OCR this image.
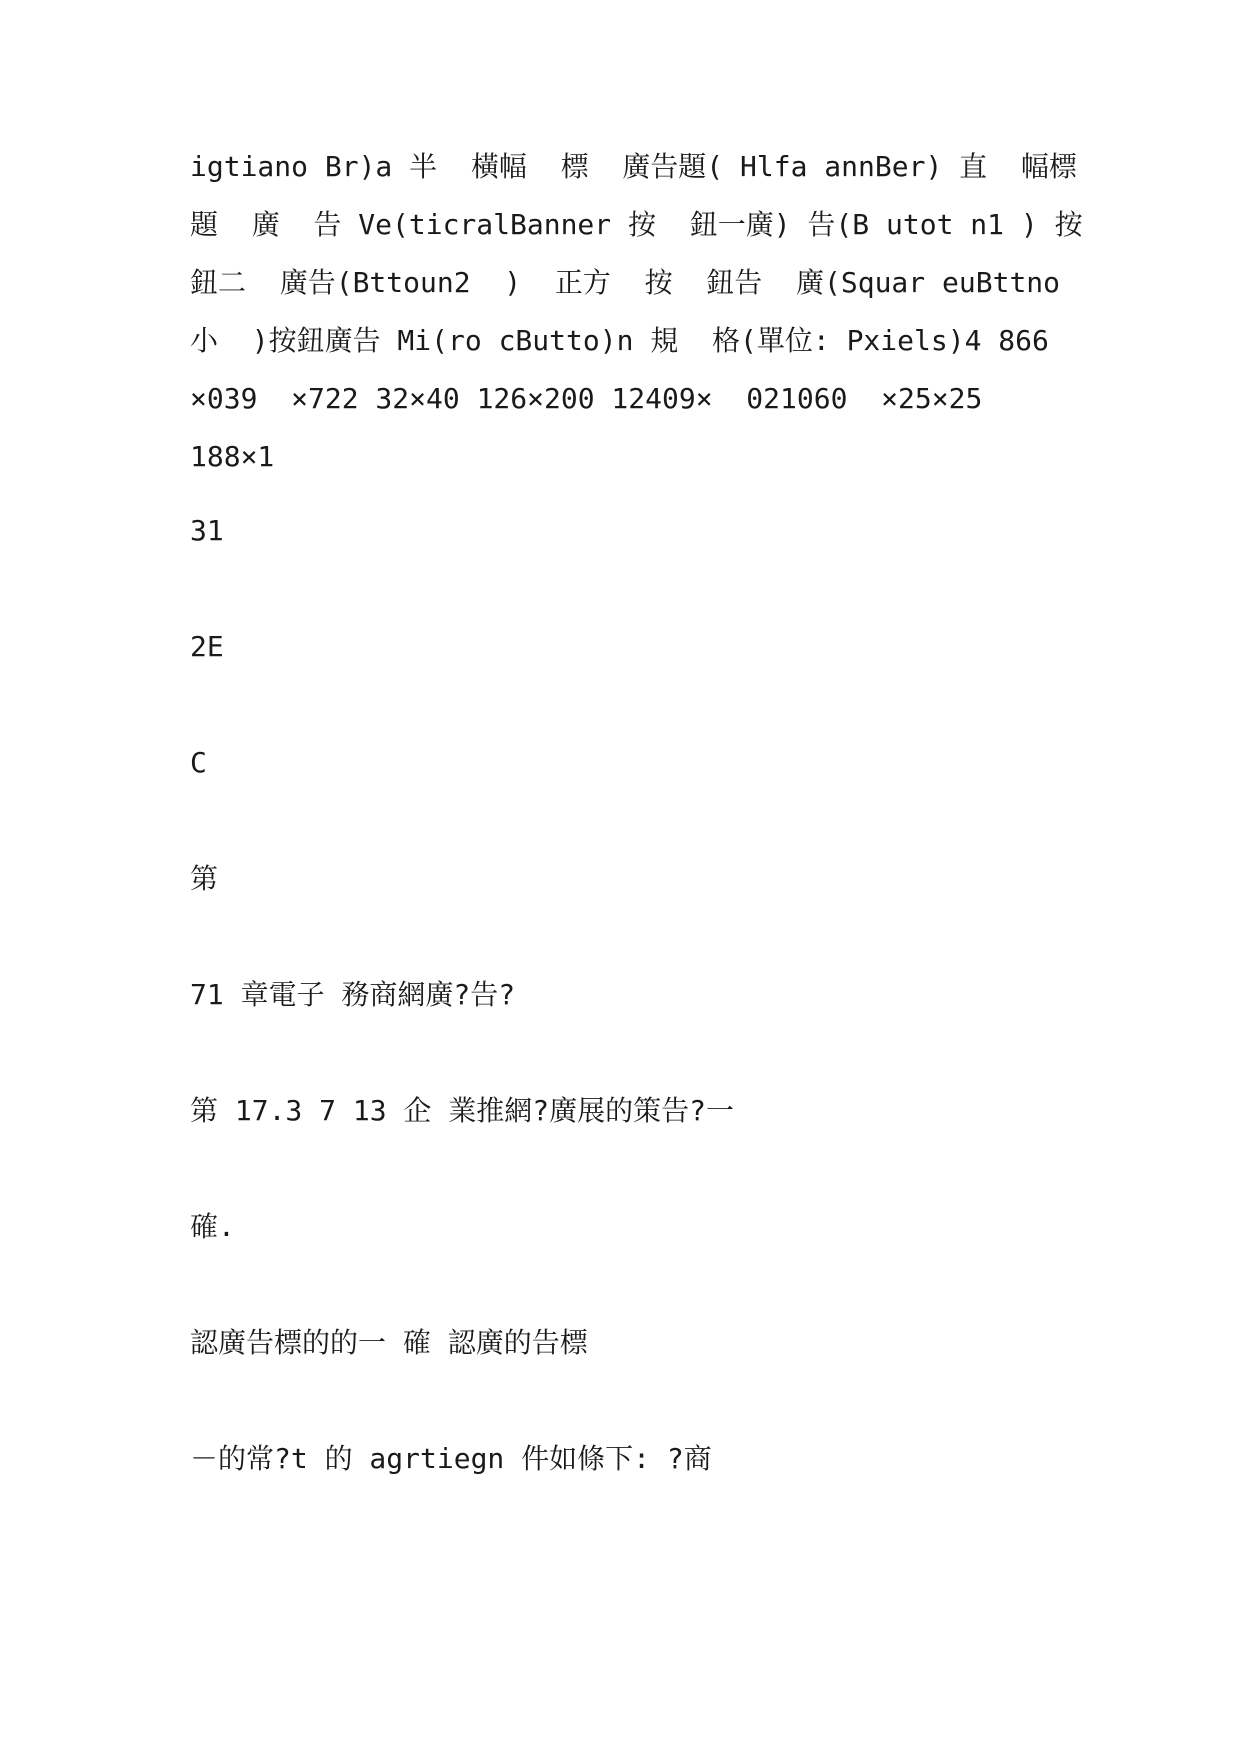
igtiano Br)a 半  橫幅  標  廣告題( Hlfa annBer) 直  幅標
題  廣  告 Ve(ticralBanner 按  鈕一廣) 告(B utot n1 ) 按
鈕二  廣告(Bttoun2  )  正方  按  鈕告  廣(Squar euBttno
小  )按鈕廣告 Mi(ro cButto)n 規  格(單位: Pxiels)4 866
×039  ×722 32×40 126×200 12409×  021060  ×25×25
188×1

31

2E

C

第

71 章電子 務商網廣?告?

第 17.3 7 13 企 業推網?廣展的策告?一

確.

認廣告標的的一 確 認廣的告標

－的常?t 的 agrtiegn 件如條下: ?商
